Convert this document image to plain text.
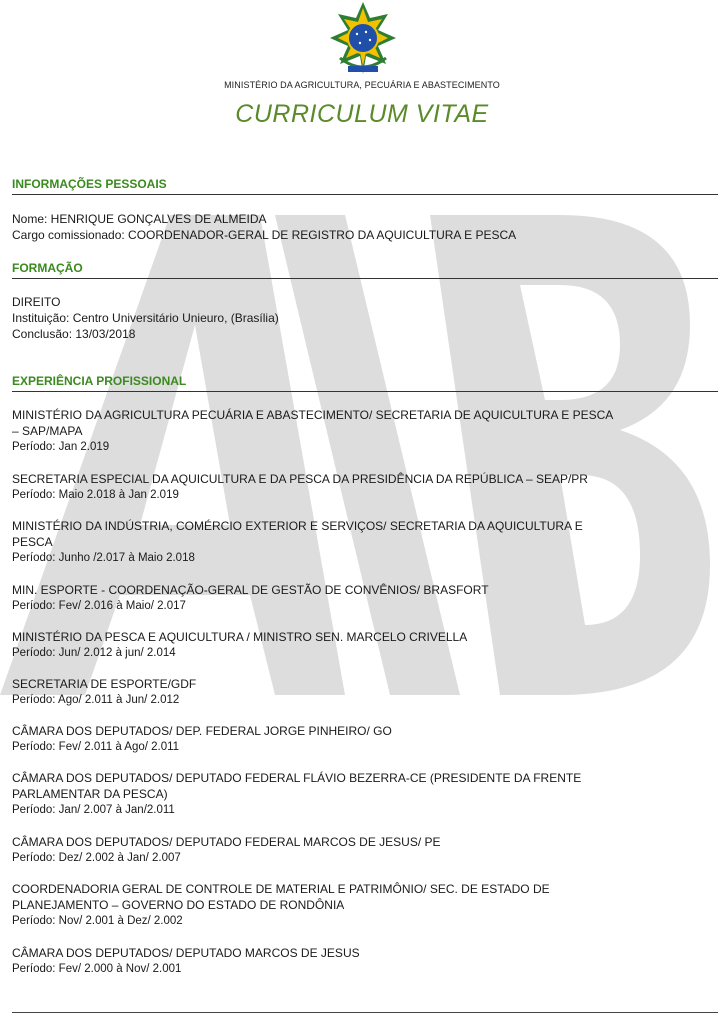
MINISTÉRIO DA AGRICULTURA, PECUÁRIA E ABASTECIMENTO
CURRICULUM VITAE
INFORMAÇÕES PESSOAIS
Nome: HENRIQUE GONÇALVES DE ALMEIDA
Cargo comissionado: COORDENADOR-GERAL DE REGISTRO DA AQUICULTURA E PESCA
FORMAÇÃO
DIREITO
Instituição: Centro Universitário Unieuro, (Brasília)
Conclusão: 13/03/2018
EXPERIÊNCIA PROFISSIONAL
MINISTÉRIO DA AGRICULTURA PECUÁRIA E ABASTECIMENTO/ SECRETARIA DE AQUICULTURA E PESCA
– SAP/MAPA
Período: Jan 2.019
SECRETARIA ESPECIAL DA AQUICULTURA E DA PESCA DA PRESIDÊNCIA DA REPÚBLICA – SEAP/PR
Período: Maio 2.018 à Jan 2.019
MINISTÉRIO DA INDÚSTRIA, COMÉRCIO EXTERIOR E SERVIÇOS/ SECRETARIA DA AQUICULTURA E
PESCA
Período: Junho /2.017 à Maio 2.018
MIN. ESPORTE - COORDENAÇÃO-GERAL DE GESTÃO DE CONVÊNIOS/ BRASFORT
Período: Fev/ 2.016 à Maio/ 2.017
MINISTÉRIO DA PESCA E AQUICULTURA / MINISTRO SEN. MARCELO CRIVELLA
Período: Jun/ 2.012 à jun/ 2.014
SECRETARIA DE ESPORTE/GDF
Período: Ago/ 2.011 à Jun/ 2.012
CÂMARA DOS DEPUTADOS/ DEP. FEDERAL JORGE PINHEIRO/ GO
Período: Fev/ 2.011 à Ago/ 2.011
CÂMARA DOS DEPUTADOS/ DEPUTADO FEDERAL FLÁVIO BEZERRA-CE (PRESIDENTE DA FRENTE
PARLAMENTAR DA PESCA)
Período: Jan/ 2.007 à Jan/2.011
CÂMARA DOS DEPUTADOS/ DEPUTADO FEDERAL MARCOS DE JESUS/ PE
Período: Dez/ 2.002 à Jan/ 2.007
COORDENADORIA GERAL DE CONTROLE DE MATERIAL E PATRIMÔNIO/ SEC. DE ESTADO DE
PLANEJAMENTO – GOVERNO DO ESTADO DE RONDÔNIA
Período: Nov/ 2.001 à Dez/ 2.002
CÂMARA DOS DEPUTADOS/ DEPUTADO MARCOS DE JESUS
Período: Fev/ 2.000 à Nov/ 2.001
